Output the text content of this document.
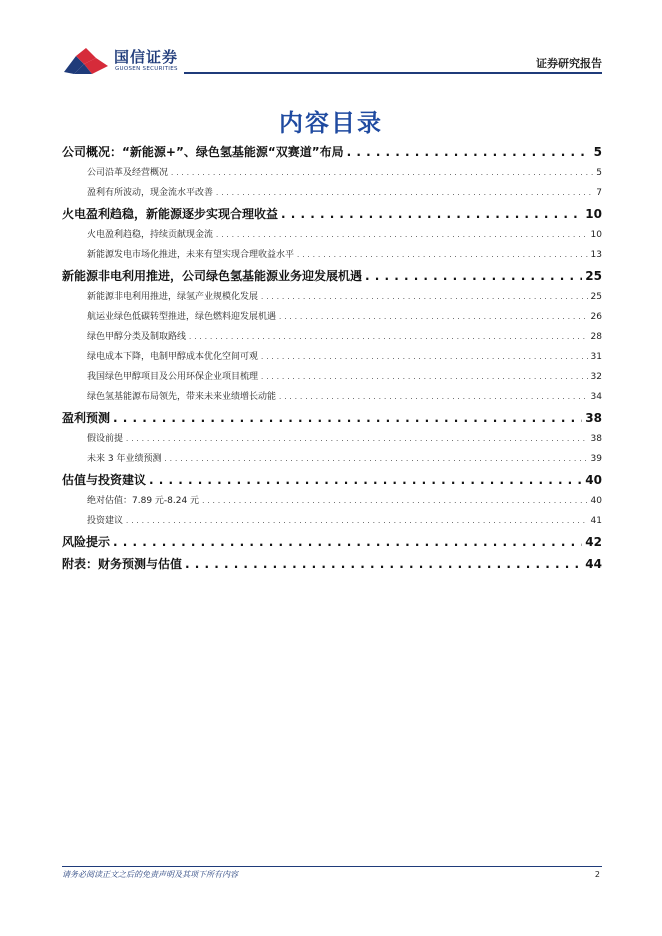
国信证券
GUOSEN SECURITIES	证券研究报告
内容目录
公司概况：“新能源+”、绿色氢基能源“双赛道”布局 . . .	5
公司沿革及经营概况 . . .	5
盈利有所波动，现金流水平改善 . . .	7
火电盈利趋稳，新能源逐步实现合理收益 . . .	10
火电盈利趋稳，持续贡献现金流 . . .	10
新能源发电市场化推进，未来有望实现合理收益水平 . . .	13
新能源非电利用推进，公司绿色氢基能源业务迎发展机遇 . . .	25
新能源非电利用推进，绿氢产业规模化发展 . . .	25
航运业绿色低碳转型推进，绿色燃料迎发展机遇 . . .	26
绿色甲醇分类及制取路线 . . .	28
绿电成本下降，电制甲醇成本优化空间可观 . . .	31
我国绿色甲醇项目及公用环保企业项目梳理 . . .	32
绿色氢基能源布局领先，带来未来业绩增长动能 . . .	34
盈利预测 . . .	38
假设前提 . . .	38
未来 3 年业绩预测 . . .	39
估值与投资建议 . . .	40
绝对估值：7.89 元-8.24 元 . . .	40
投资建议 . . .	41
风险提示 . . .	42
附表：财务预测与估值 . . .	44
请务必阅读正文之后的免责声明及其项下所有内容	2
